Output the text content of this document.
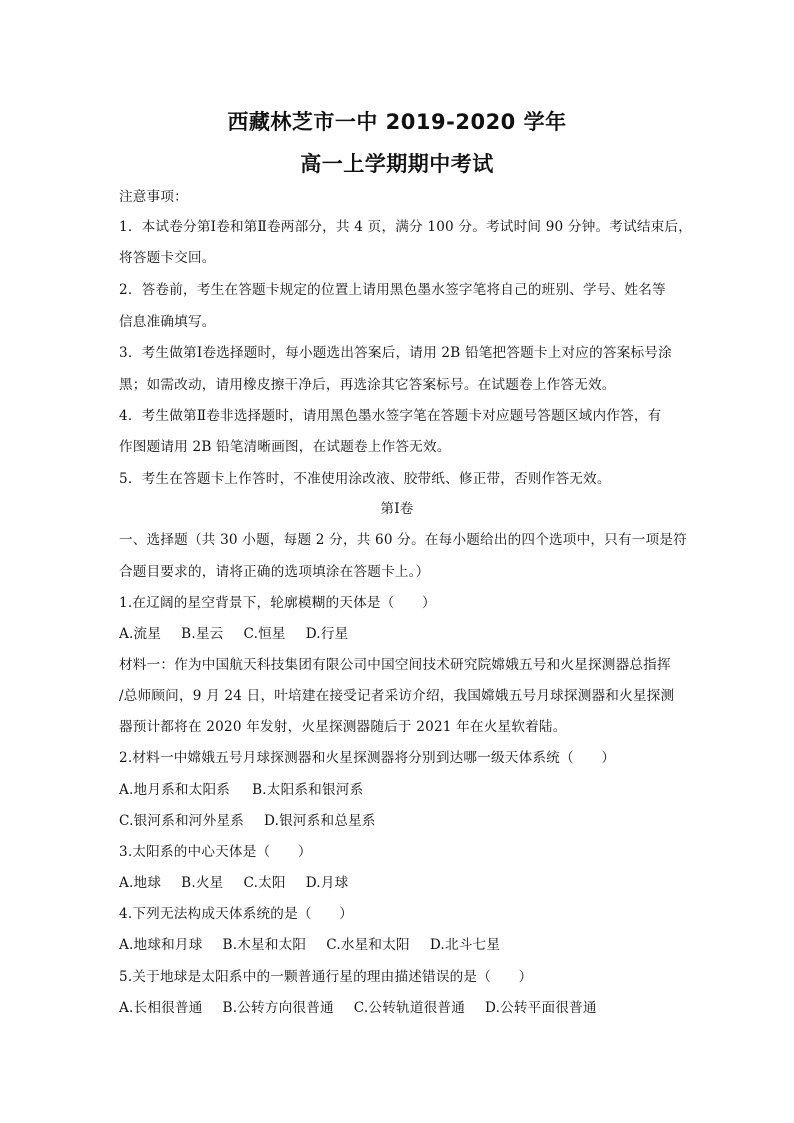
西藏林芝市一中 2019-2020 学年
高一上学期期中考试
注意事项：
1．本试卷分第Ⅰ卷和第Ⅱ卷两部分，共 4 页，满分 100 分。考试时间 90 分钟。考试结束后，
将答题卡交回。
2．答卷前，考生在答题卡规定的位置上请用黑色墨水签字笔将自己的班别、学号、姓名等
信息准确填写。
3．考生做第Ⅰ卷选择题时，每小题选出答案后，请用 2B 铅笔把答题卡上对应的答案标号涂
黑；如需改动，请用橡皮擦干净后，再选涂其它答案标号。在试题卷上作答无效。
4．考生做第Ⅱ卷非选择题时，请用黑色墨水签字笔在答题卡对应题号答题区域内作答，有
作图题请用 2B 铅笔清晰画图，在试题卷上作答无效。
5．考生在答题卡上作答时，不准使用涂改液、胶带纸、修正带，否则作答无效。
第Ⅰ卷
一、选择题（共 30 小题，每题 2 分，共 60 分。在每小题给出的四个选项中，只有一项是符
合题目要求的，请将正确的选项填涂在答题卡上。）
1.在辽阔的星空背景下，轮廓模糊的天体是（　　）
A.流星 B.星云 C.恒星 D.行星
材料一：作为中国航天科技集团有限公司中国空间技术研究院嫦娥五号和火星探测器总指挥
/总师顾问，9 月 24 日，叶培建在接受记者采访介绍，我国嫦娥五号月球探测器和火星探测
器预计都将在 2020 年发射，火星探测器随后于 2021 年在火星软着陆。
2.材料一中嫦娥五号月球探测器和火星探测器将分别到达哪一级天体系统（　　）
A.地月系和太阳系 B.太阳系和银河系
C.银河系和河外星系 D.银河系和总星系
3.太阳系的中心天体是（　　）
A.地球 B.火星 C.太阳 D.月球
4.下列无法构成天体系统的是（　　）
A.地球和月球 B.木星和太阳 C.水星和太阳 D.北斗七星
5.关于地球是太阳系中的一颗普通行星的理由描述错误的是（　　）
A.长相很普通 B.公转方向很普通 C.公转轨道很普通 D.公转平面很普通
